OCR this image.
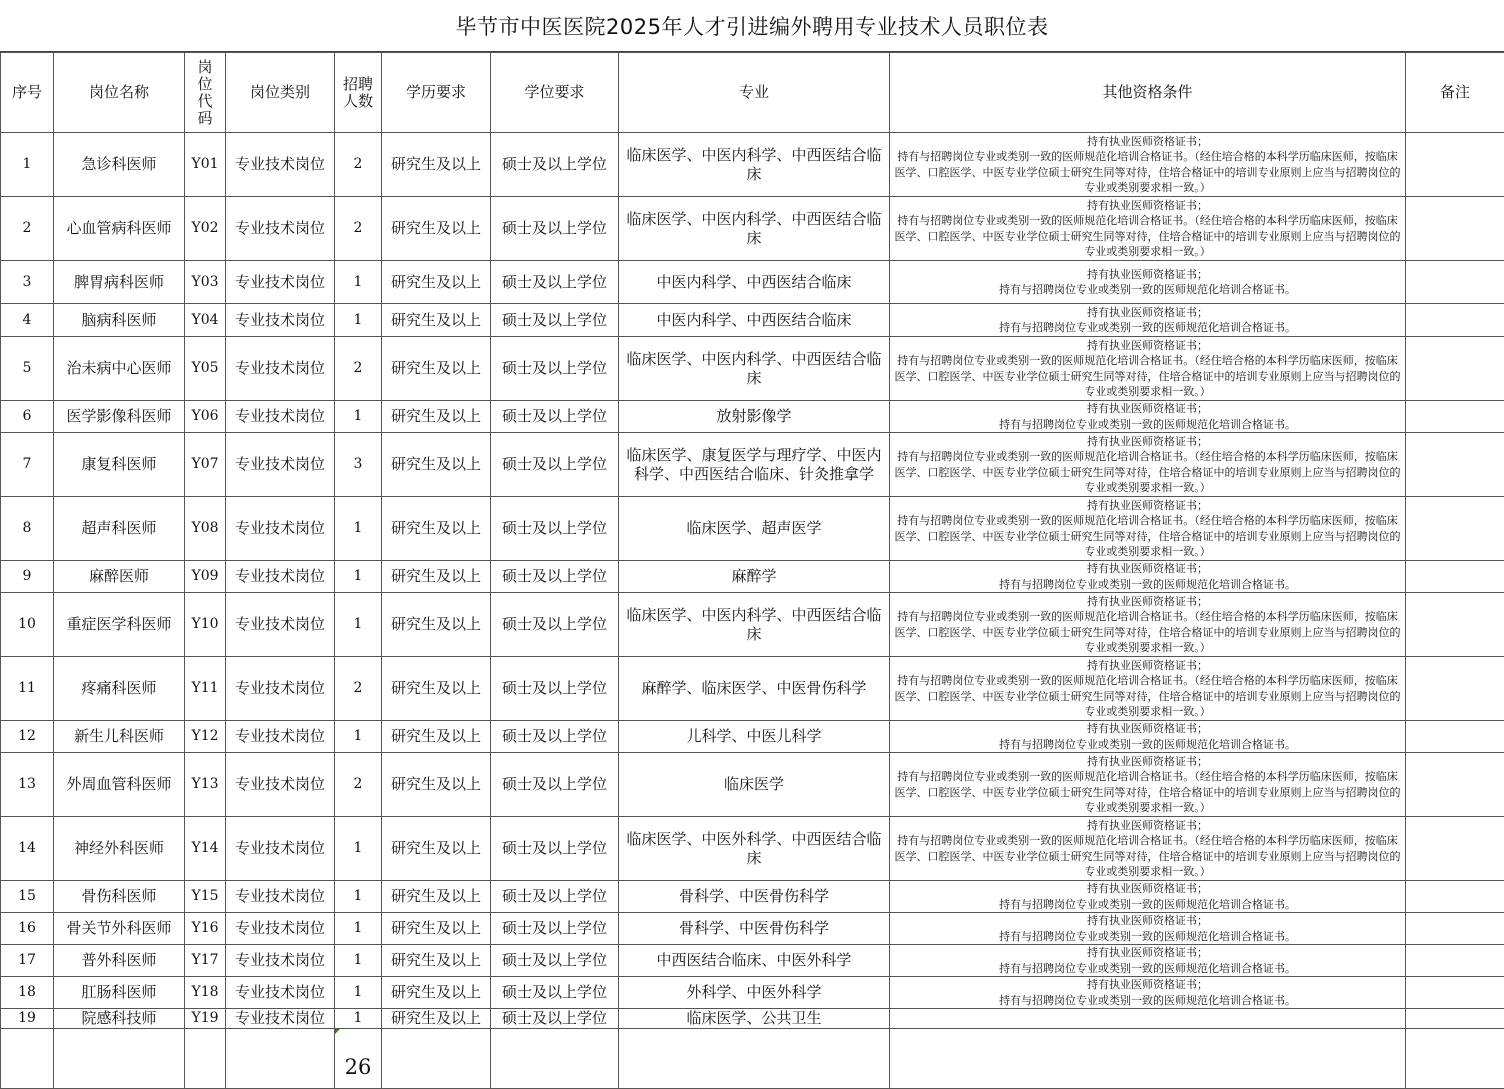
毕节市中医医院2025年人才引进编外聘用专业技术人员职位表
序号	岗位名称	岗位代码	岗位类别	招聘人数	学历要求	学位要求	专业	其他资格条件	备注
1	急诊科医师	Y01	专业技术岗位	2	研究生及以上	硕士及以上学位	临床医学、中医内科学、中西医结合临床	持有执业医师资格证书；
持有与招聘岗位专业或类别一致的医师规范化培训合格证书。（经住培合格的本科学历临床医师，按临床医学、口腔医学、中医专业学位硕士研究生同等对待，住培合格证中的培训专业原则上应当与招聘岗位的专业或类别要求相一致。）	
2	心血管病科医师	Y02	专业技术岗位	2	研究生及以上	硕士及以上学位	临床医学、中医内科学、中西医结合临床	持有执业医师资格证书；
持有与招聘岗位专业或类别一致的医师规范化培训合格证书。（经住培合格的本科学历临床医师，按临床医学、口腔医学、中医专业学位硕士研究生同等对待，住培合格证中的培训专业原则上应当与招聘岗位的专业或类别要求相一致。）	
3	脾胃病科医师	Y03	专业技术岗位	1	研究生及以上	硕士及以上学位	中医内科学、中西医结合临床	持有执业医师资格证书；
持有与招聘岗位专业或类别一致的医师规范化培训合格证书。	
4	脑病科医师	Y04	专业技术岗位	1	研究生及以上	硕士及以上学位	中医内科学、中西医结合临床	持有执业医师资格证书；
持有与招聘岗位专业或类别一致的医师规范化培训合格证书。	
5	治未病中心医师	Y05	专业技术岗位	2	研究生及以上	硕士及以上学位	临床医学、中医内科学、中西医结合临床	持有执业医师资格证书；
持有与招聘岗位专业或类别一致的医师规范化培训合格证书。（经住培合格的本科学历临床医师，按临床医学、口腔医学、中医专业学位硕士研究生同等对待，住培合格证中的培训专业原则上应当与招聘岗位的专业或类别要求相一致。）	
6	医学影像科医师	Y06	专业技术岗位	1	研究生及以上	硕士及以上学位	放射影像学	持有执业医师资格证书；
持有与招聘岗位专业或类别一致的医师规范化培训合格证书。	
7	康复科医师	Y07	专业技术岗位	3	研究生及以上	硕士及以上学位	临床医学、康复医学与理疗学、中医内科学、中西医结合临床、针灸推拿学	持有执业医师资格证书；
持有与招聘岗位专业或类别一致的医师规范化培训合格证书。（经住培合格的本科学历临床医师，按临床医学、口腔医学、中医专业学位硕士研究生同等对待，住培合格证中的培训专业原则上应当与招聘岗位的专业或类别要求相一致。）	
8	超声科医师	Y08	专业技术岗位	1	研究生及以上	硕士及以上学位	临床医学、超声医学	持有执业医师资格证书；
持有与招聘岗位专业或类别一致的医师规范化培训合格证书。（经住培合格的本科学历临床医师，按临床医学、口腔医学、中医专业学位硕士研究生同等对待，住培合格证中的培训专业原则上应当与招聘岗位的专业或类别要求相一致。）	
9	麻醉医师	Y09	专业技术岗位	1	研究生及以上	硕士及以上学位	麻醉学	持有执业医师资格证书；
持有与招聘岗位专业或类别一致的医师规范化培训合格证书。	
10	重症医学科医师	Y10	专业技术岗位	1	研究生及以上	硕士及以上学位	临床医学、中医内科学、中西医结合临床	持有执业医师资格证书；
持有与招聘岗位专业或类别一致的医师规范化培训合格证书。（经住培合格的本科学历临床医师，按临床医学、口腔医学、中医专业学位硕士研究生同等对待，住培合格证中的培训专业原则上应当与招聘岗位的专业或类别要求相一致。）	
11	疼痛科医师	Y11	专业技术岗位	2	研究生及以上	硕士及以上学位	麻醉学、临床医学、中医骨伤科学	持有执业医师资格证书；
持有与招聘岗位专业或类别一致的医师规范化培训合格证书。（经住培合格的本科学历临床医师，按临床医学、口腔医学、中医专业学位硕士研究生同等对待，住培合格证中的培训专业原则上应当与招聘岗位的专业或类别要求相一致。）	
12	新生儿科医师	Y12	专业技术岗位	1	研究生及以上	硕士及以上学位	儿科学、中医儿科学	持有执业医师资格证书；
持有与招聘岗位专业或类别一致的医师规范化培训合格证书。	
13	外周血管科医师	Y13	专业技术岗位	2	研究生及以上	硕士及以上学位	临床医学	持有执业医师资格证书；
持有与招聘岗位专业或类别一致的医师规范化培训合格证书。（经住培合格的本科学历临床医师，按临床医学、口腔医学、中医专业学位硕士研究生同等对待，住培合格证中的培训专业原则上应当与招聘岗位的专业或类别要求相一致。）	
14	神经外科医师	Y14	专业技术岗位	1	研究生及以上	硕士及以上学位	临床医学、中医外科学、中西医结合临床	持有执业医师资格证书；
持有与招聘岗位专业或类别一致的医师规范化培训合格证书。（经住培合格的本科学历临床医师，按临床医学、口腔医学、中医专业学位硕士研究生同等对待，住培合格证中的培训专业原则上应当与招聘岗位的专业或类别要求相一致。）	
15	骨伤科医师	Y15	专业技术岗位	1	研究生及以上	硕士及以上学位	骨科学、中医骨伤科学	持有执业医师资格证书；
持有与招聘岗位专业或类别一致的医师规范化培训合格证书。	
16	骨关节外科医师	Y16	专业技术岗位	1	研究生及以上	硕士及以上学位	骨科学、中医骨伤科学	持有执业医师资格证书；
持有与招聘岗位专业或类别一致的医师规范化培训合格证书。	
17	普外科医师	Y17	专业技术岗位	1	研究生及以上	硕士及以上学位	中西医结合临床、中医外科学	持有执业医师资格证书；
持有与招聘岗位专业或类别一致的医师规范化培训合格证书。	
18	肛肠科医师	Y18	专业技术岗位	1	研究生及以上	硕士及以上学位	外科学、中医外科学	持有执业医师资格证书；
持有与招聘岗位专业或类别一致的医师规范化培训合格证书。	
19	院感科技师	Y19	专业技术岗位	1	研究生及以上	硕士及以上学位	临床医学、公共卫生		

26					
